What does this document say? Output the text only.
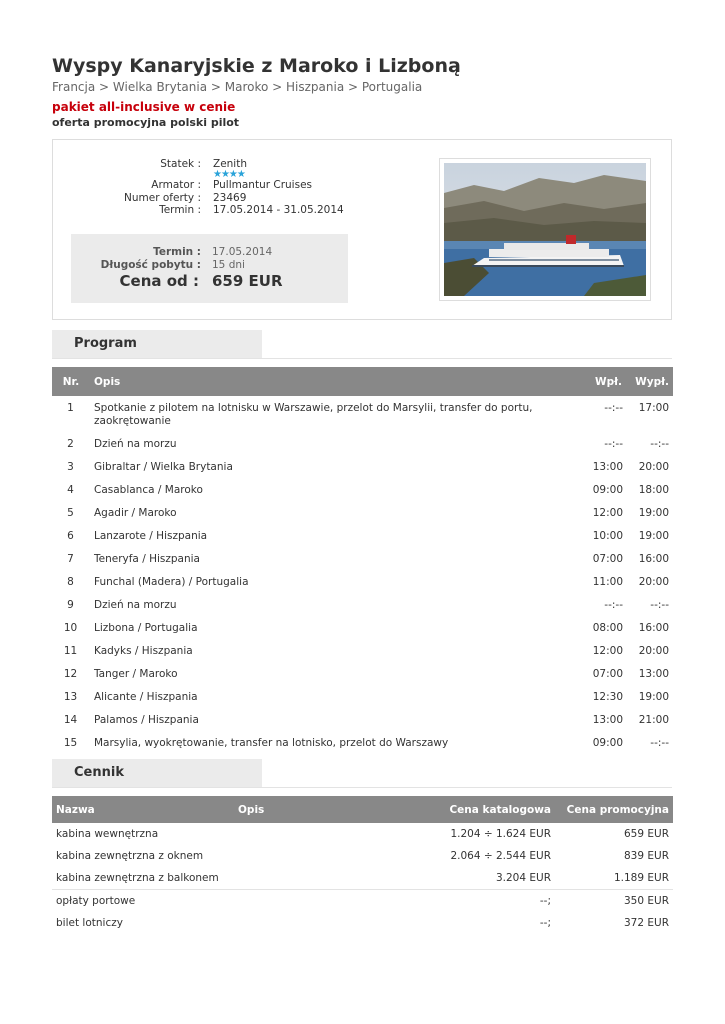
Wyspy Kanaryjskie z Maroko i Lizboną
Francja > Wielka Brytania > Maroko > Hiszpania > Portugalia
pakiet all-inclusive w cenie
oferta promocyjna polski pilot
Statek : Zenith
★★★★
Armator : Pullmantur Cruises
Numer oferty : 23469
Termin : 17.05.2014 - 31.05.2014
Termin : 17.05.2014
Długość pobytu : 15 dni
Cena od : 659 EUR
Program
Nr.	Opis	Wpł.	Wypł.
1	Spotkanie z pilotem na lotnisku w Warszawie, przelot do Marsylii, transfer do portu, zaokrętowanie	--:--	17:00
2	Dzień na morzu	--:--	--:--
3	Gibraltar / Wielka Brytania	13:00	20:00
4	Casablanca / Maroko	09:00	18:00
5	Agadir / Maroko	12:00	19:00
6	Lanzarote / Hiszpania	10:00	19:00
7	Teneryfa / Hiszpania	07:00	16:00
8	Funchal (Madera) / Portugalia	11:00	20:00
9	Dzień na morzu	--:--	--:--
10	Lizbona / Portugalia	08:00	16:00
11	Kadyks / Hiszpania	12:00	20:00
12	Tanger / Maroko	07:00	13:00
13	Alicante / Hiszpania	12:30	19:00
14	Palamos / Hiszpania	13:00	21:00
15	Marsylia, wyokrętowanie, transfer na lotnisko, przelot do Warszawy	09:00	--:--
Cennik
Nazwa	Opis	Cena katalogowa	Cena promocyjna
kabina wewnętrzna		1.204 ÷ 1.624 EUR	659 EUR
kabina zewnętrzna z oknem		2.064 ÷ 2.544 EUR	839 EUR
kabina zewnętrzna z balkonem		3.204 EUR	1.189 EUR
opłaty portowe		--;	350 EUR
bilet lotniczy		--;	372 EUR
